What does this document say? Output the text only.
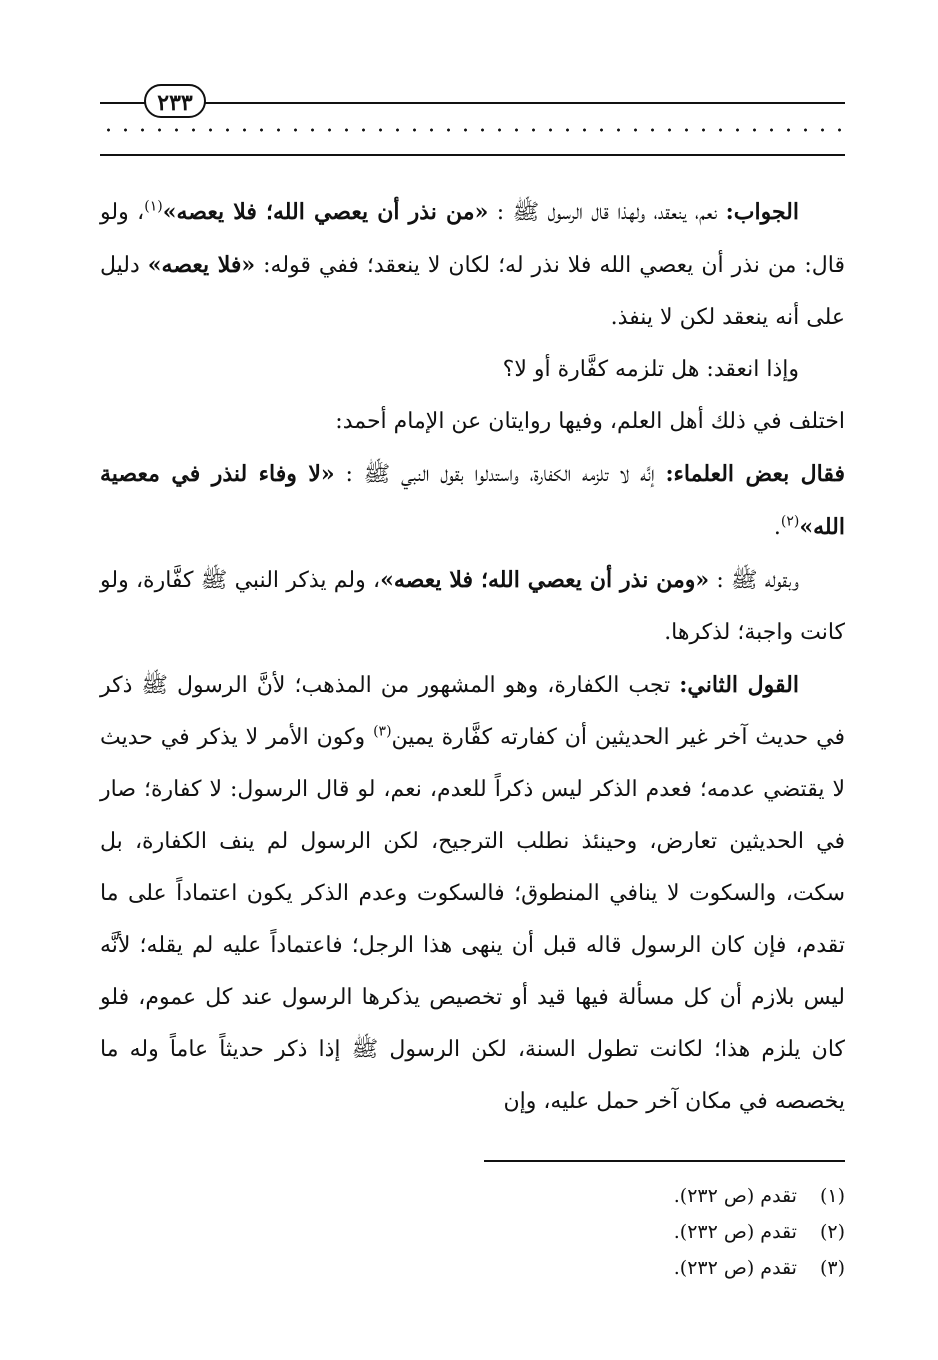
٢٣٣

الجواب: نعم، ينعقد، ولهذا قال الرسول ﷺ : «من نذر أن يعصي الله؛ فلا يعصه»$^{(١)}$، ولو قال: من نذر أن يعصي الله فلا نذر له؛ لكان لا ينعقد؛ ففي قوله: «فلا يعصه» دليل على أنه ينعقد لكن لا ينفذ.

وإذا انعقد: هل تلزمه كفَّارة أو لا؟

اختلف في ذلك أهل العلم، وفيها روايتان عن الإمام أحمد:

فقال بعض العلماء: إنَّه لا تلزمه الكفارة، واستدلوا بقول النبي ﷺ : «لا وفاء لنذر في معصية الله»$^{(٢)}$.

وبقوله ﷺ : «ومن نذر أن يعصي الله؛ فلا يعصه»، ولم يذكر النبي ﷺ كفَّارة، ولو كانت واجبة؛ لذكرها.

القول الثاني: تجب الكفارة، وهو المشهور من المذهب؛ لأنَّ الرسول ﷺ ذكر في حديث آخر غير الحديثين أن كفارته كفَّارة يمين$^{(٣)}$ وكون الأمر لا يذكر في حديث لا يقتضي عدمه؛ فعدم الذكر ليس ذكراً للعدم، نعم، لو قال الرسول: لا كفارة؛ صار في الحديثين تعارض، وحينئذ نطلب الترجيح، لكن الرسول لم ينف الكفارة، بل سكت، والسكوت لا ينافي المنطوق؛ فالسكوت وعدم الذكر يكون اعتماداً على ما تقدم، فإن كان الرسول قاله قبل أن ينهى هذا الرجل؛ فاعتماداً عليه لم يقله؛ لأنَّه ليس بلازم أن كل مسألة فيها قيد أو تخصيص يذكرها الرسول عند كل عموم، فلو كان يلزم هذا؛ لكانت تطول السنة، لكن الرسول ﷺ إذا ذكر حديثاً عاماً وله ما يخصصه في مكان آخر حمل عليه، وإن

(١) تقدم (ص ٢٣٢).
(٢) تقدم (ص ٢٣٢).
(٣) تقدم (ص ٢٣٢).
